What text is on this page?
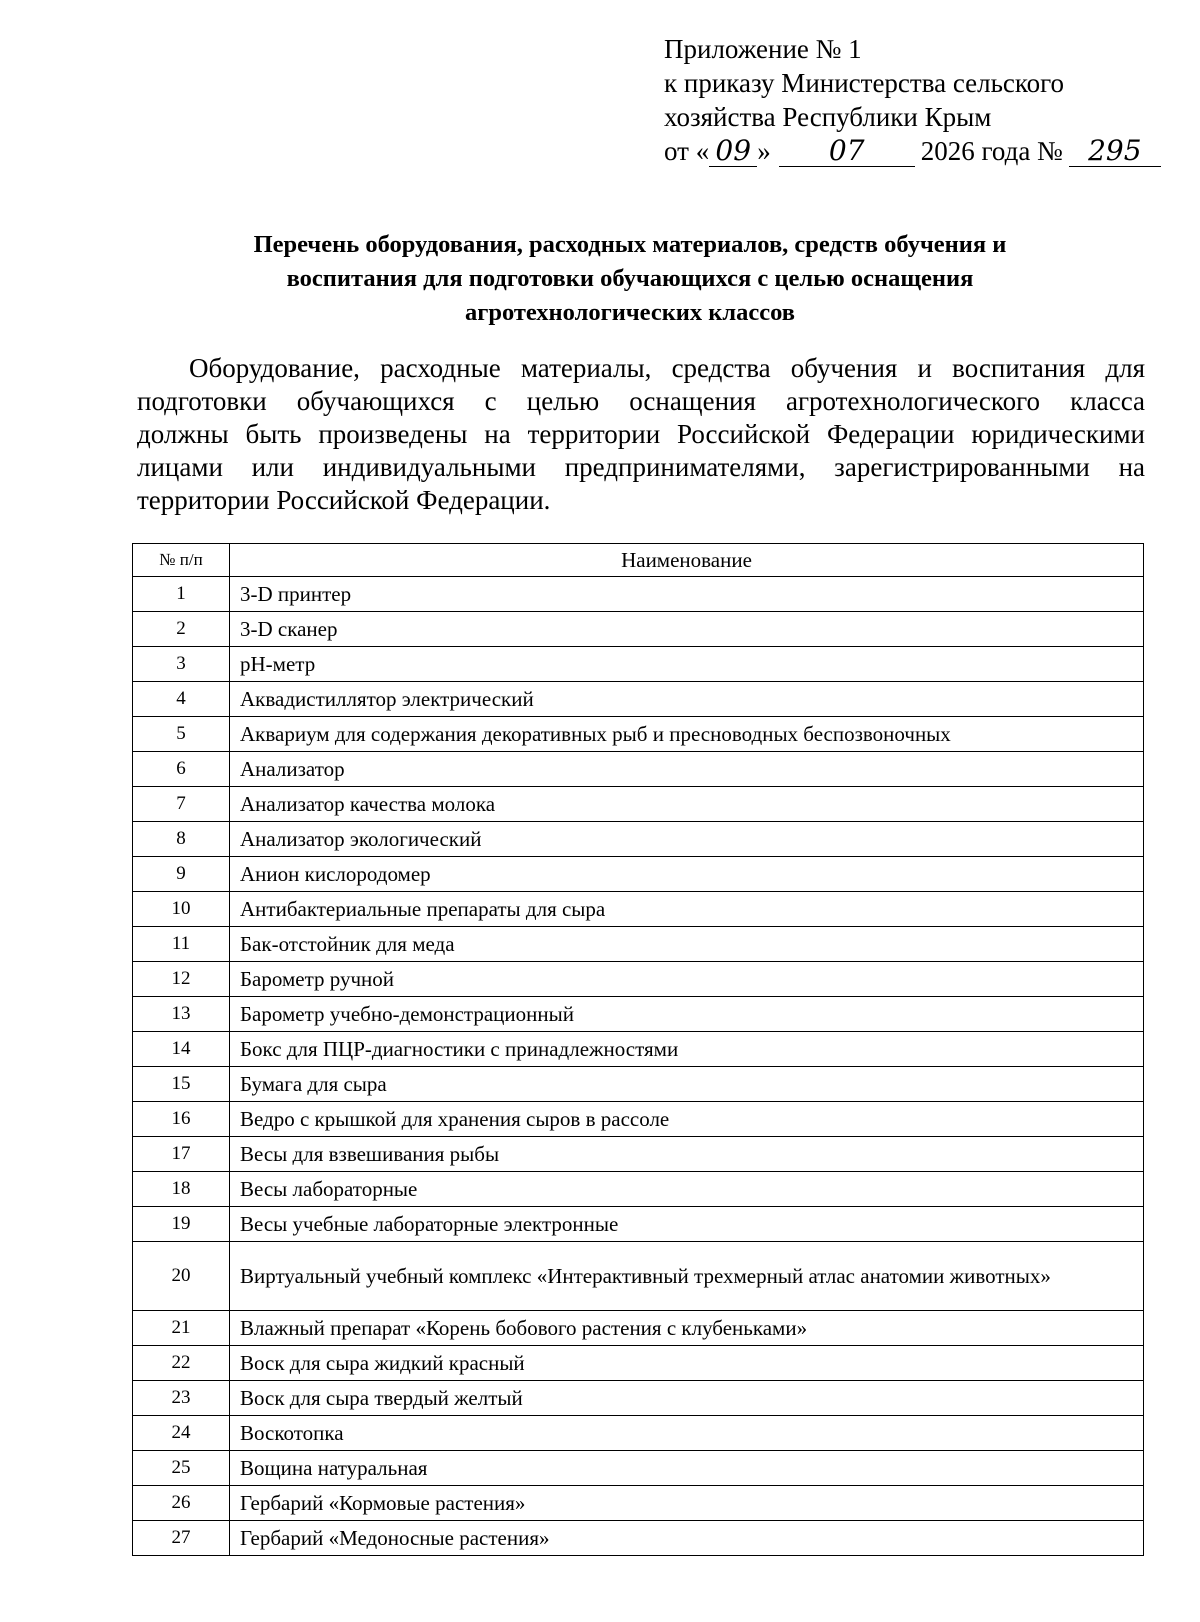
Приложение № 1
к приказу Министерства сельского
хозяйства Республики Крым
от « 09 » 07 2026 года № 295
Перечень оборудования, расходных материалов, средств обучения и
воспитания для подготовки обучающихся с целью оснащения
агротехнологических классов
Оборудование, расходные материалы, средства обучения и воспитания для
подготовки обучающихся с целью оснащения агротехнологического класса
должны быть произведены на территории Российской Федерации юридическими
лицами или индивидуальными предпринимателями, зарегистрированными на
территории Российской Федерации.
№ п/п	Наименование
1	3-D принтер
2	3-D сканер
3	pH-метр
4	Аквадистиллятор электрический
5	Аквариум для содержания декоративных рыб и пресноводных беспозвоночных
6	Анализатор
7	Анализатор качества молока
8	Анализатор экологический
9	Анион кислородомер
10	Антибактериальные препараты для сыра
11	Бак-отстойник для меда
12	Барометр ручной
13	Барометр учебно-демонстрационный
14	Бокс для ПЦР-диагностики с принадлежностями
15	Бумага для сыра
16	Ведро с крышкой для хранения сыров в рассоле
17	Весы для взвешивания рыбы
18	Весы лабораторные
19	Весы учебные лабораторные электронные
20	Виртуальный учебный комплекс «Интерактивный трехмерный атлас анатомии животных»
21	Влажный препарат «Корень бобового растения с клубеньками»
22	Воск для сыра жидкий красный
23	Воск для сыра твердый желтый
24	Воскотопка
25	Вощина натуральная
26	Гербарий «Кормовые растения»
27	Гербарий «Медоносные растения»
